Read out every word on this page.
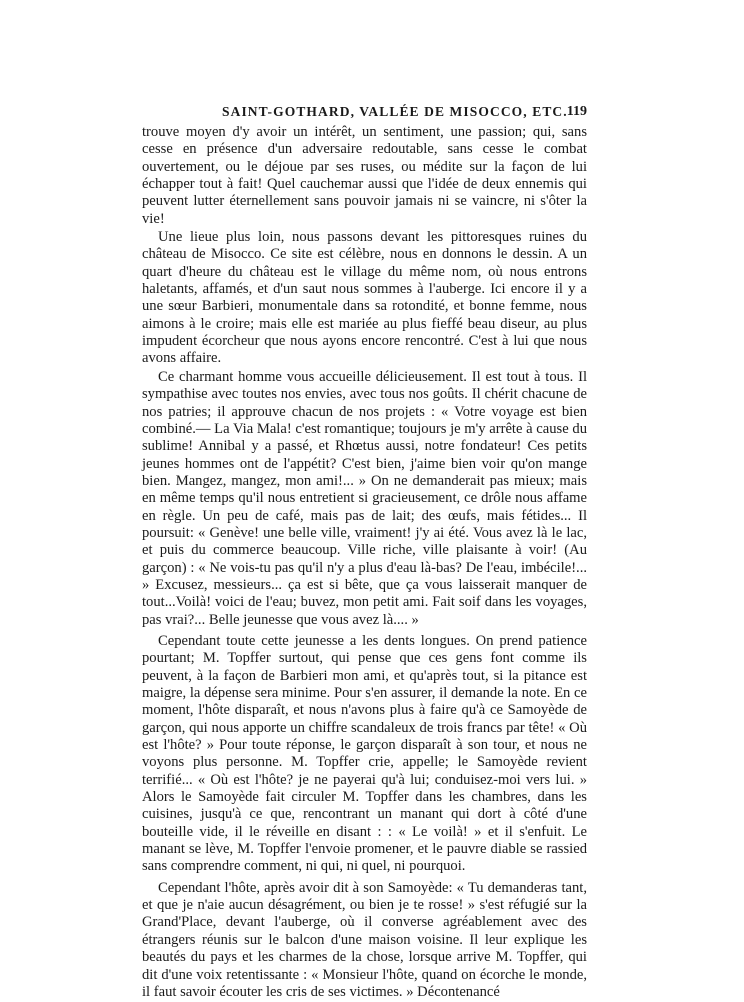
SAINT-GOTHARD, VALLÉE DE MISOCCO, ETC. 119

trouve moyen d'y avoir un intérêt, un sentiment, une passion; qui, sans cesse en présence d'un adversaire redoutable, sans cesse le combat ouvertement, ou le déjoue par ses ruses, ou médite sur la façon de lui échapper tout à fait! Quel cauchemar aussi que l'idée de deux ennemis qui peuvent lutter éternellement sans pouvoir jamais ni se vaincre, ni s'ôter la vie!

Une lieue plus loin, nous passons devant les pittoresques ruines du château de Misocco. Ce site est célèbre, nous en donnons le dessin. A un quart d'heure du château est le village du même nom, où nous entrons haletants, affamés, et d'un saut nous sommes à l'auberge. Ici encore il y a une sœur Barbieri, monumentale dans sa rotondité, et bonne femme, nous aimons à le croire; mais elle est mariée au plus fieffé beau diseur, au plus impudent écorcheur que nous ayons encore rencontré. C'est à lui que nous avons affaire.

Ce charmant homme vous accueille délicieusement. Il est tout à tous. Il sympathise avec toutes nos envies, avec tous nos goûts. Il chérit chacune de nos patries; il approuve chacun de nos projets : « Votre voyage est bien combiné.— La Via Mala! c'est romantique; toujours je m'y arrête à cause du sublime! Annibal y a passé, et Rhœtus aussi, notre fondateur! Ces petits jeunes hommes ont de l'appétit? C'est bien, j'aime bien voir qu'on mange bien. Mangez, mangez, mon ami!... » On ne demanderait pas mieux; mais en même temps qu'il nous entretient si gracieusement, ce drôle nous affame en règle. Un peu de café, mais pas de lait; des œufs, mais fétides... Il poursuit: « Genève! une belle ville, vraiment! j'y ai été. Vous avez là le lac, et puis du commerce beaucoup. Ville riche, ville plaisante à voir! (Au garçon) : « Ne vois-tu pas qu'il n'y a plus d'eau là-bas? De l'eau, imbécile!... » Excusez, messieurs... ça est si bête, que ça vous laisserait manquer de tout...Voilà! voici de l'eau; buvez, mon petit ami. Fait soif dans les voyages, pas vrai?... Belle jeunesse que vous avez là.... »

Cependant toute cette jeunesse a les dents longues. On prend patience pourtant; M. Topffer surtout, qui pense que ces gens font comme ils peuvent, à la façon de Barbieri mon ami, et qu'après tout, si la pitance est maigre, la dépense sera minime. Pour s'en assurer, il demande la note. En ce moment, l'hôte disparaît, et nous n'avons plus à faire qu'à ce Samoyède de garçon, qui nous apporte un chiffre scandaleux de trois francs par tête! « Où est l'hôte? » Pour toute réponse, le garçon disparaît à son tour, et nous ne voyons plus personne. M. Topffer crie, appelle; le Samoyède revient terrifié... « Où est l'hôte? je ne payerai qu'à lui; conduisez-moi vers lui. » Alors le Samoyède fait circuler M. Topffer dans les chambres, dans les cuisines, jusqu'à ce que, rencontrant un manant qui dort à côté d'une bouteille vide, il le réveille en disant : : « Le voilà! » et il s'enfuit. Le manant se lève, M. Topffer l'envoie promener, et le pauvre diable se rassied sans comprendre comment, ni qui, ni quel, ni pourquoi.

Cependant l'hôte, après avoir dit à son Samoyède: « Tu demanderas tant, et que je n'aie aucun désagrément, ou bien je te rosse! » s'est réfugié sur la Grand'Place, devant l'auberge, où il converse agréablement avec des étrangers réunis sur le balcon d'une maison voisine. Il leur explique les beautés du pays et les charmes de la chose, lorsque arrive M. Topffer, qui dit d'une voix retentissante : « Monsieur l'hôte, quand on écorche le monde, il faut savoir écouter les cris de ses victimes. » Décontenancé
